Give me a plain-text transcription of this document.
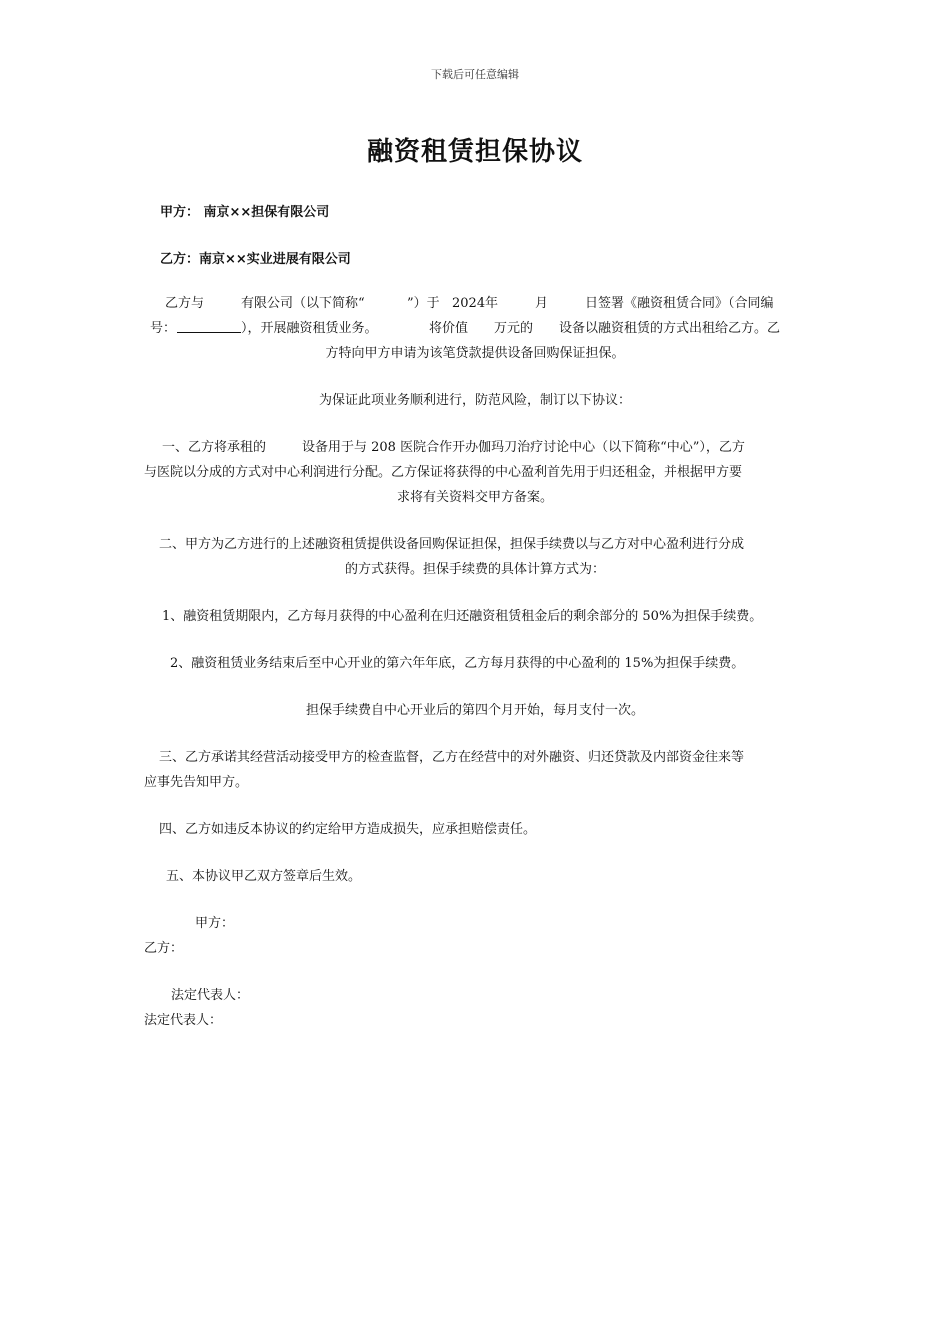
下载后可任意编辑
融资租赁担保协议
甲方： 南京××担保有限公司
乙方：南京××实业进展有限公司
乙方与	有限公司（以下简称“	”）于 2024 年	月	日签署《融资租赁合同》（合同编
号：	），开展融资租赁业务。	将价值 万元的 设备以融资租赁的方式出租给乙方。乙
方特向甲方申请为该笔贷款提供设备回购保证担保。
为保证此项业务顺利进行，防范风险，制订以下协议：
一、乙方将承租的	设备用于与 208 医院合作开办伽玛刀治疗讨论中心（以下简称“中心”），乙方
与医院以分成的方式对中心利润进行分配。乙方保证将获得的中心盈利首先用于归还租金，并根据甲方要
求将有关资料交甲方备案。
二、甲方为乙方进行的上述融资租赁提供设备回购保证担保，担保手续费以与乙方对中心盈利进行分成
的方式获得。担保手续费的具体计算方式为：
1、融资租赁期限内，乙方每月获得的中心盈利在归还融资租赁租金后的剩余部分的 50%为担保手续费。
2、融资租赁业务结束后至中心开业的第六年年底，乙方每月获得的中心盈利的 15%为担保手续费。
担保手续费自中心开业后的第四个月开始，每月支付一次。
三、乙方承诺其经营活动接受甲方的检查监督，乙方在经营中的对外融资、归还贷款及内部资金往来等
应事先告知甲方。
四、乙方如违反本协议的约定给甲方造成损失，应承担赔偿责任。
五、本协议甲乙双方签章后生效。
甲方：
乙方：
法定代表人：
法定代表人：
